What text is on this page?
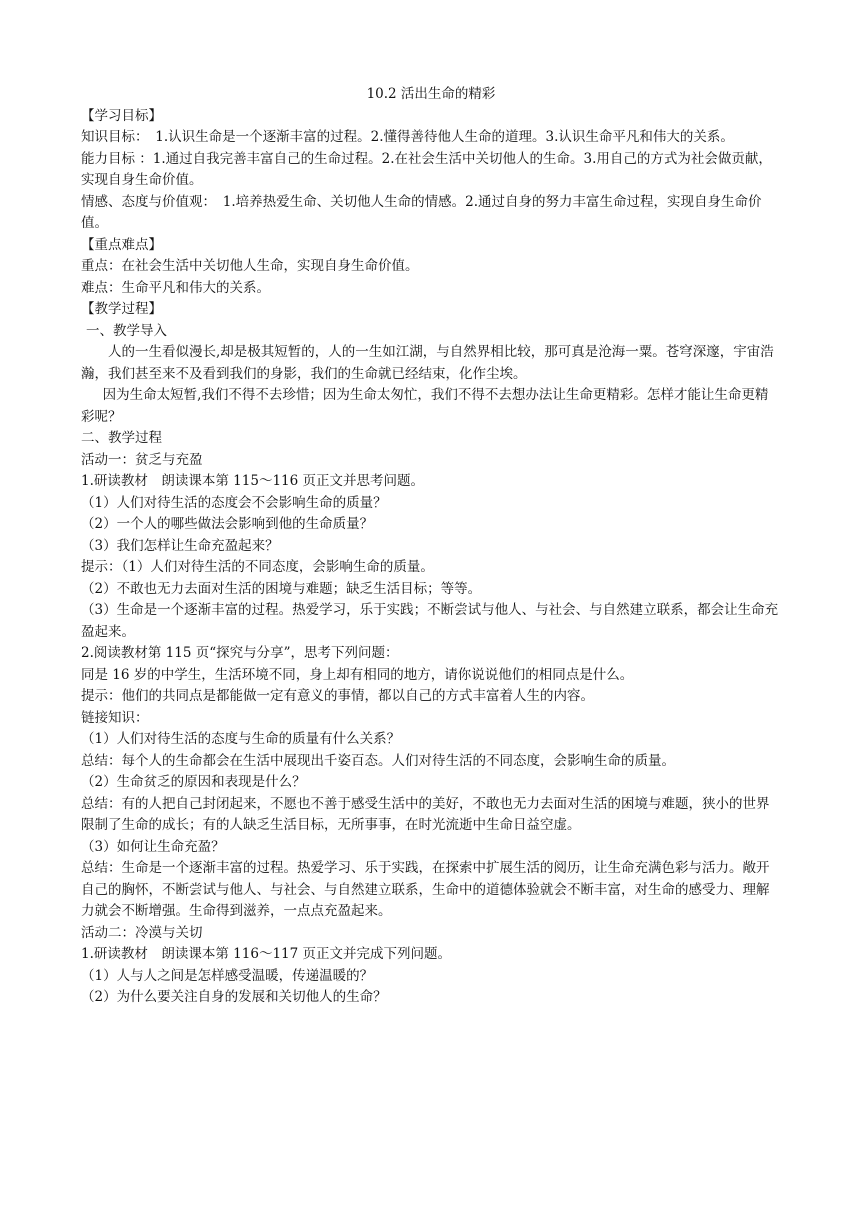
10.2 活出生命的精彩

【学习目标】

知识目标：　1.认识生命是一个逐渐丰富的过程。2.懂得善待他人生命的道理。3.认识生命平凡和伟大的关系。

能力目标 ：1.通过自我完善丰富自己的生命过程。2.在社会生活中关切他人的生命。3.用自己的方式为社会做贡献，实现自身生命价值。

情感、态度与价值观：　1.培养热爱生命、关切他人生命的情感。2.通过自身的努力丰富生命过程，实现自身生命价值。

【重点难点】

重点：在社会生活中关切他人生命，实现自身生命价值。

难点：生命平凡和伟大的关系。

【教学过程】

一、教学导入

人的一生看似漫长,却是极其短暂的，人的一生如江湖，与自然界相比较，那可真是沧海一粟。苍穹深邃，宇宙浩瀚，我们甚至来不及看到我们的身影，我们的生命就已经结束，化作尘埃。

因为生命太短暂,我们不得不去珍惜；因为生命太匆忙，我们不得不去想办法让生命更精彩。怎样才能让生命更精彩呢？

二、教学过程

活动一：贫乏与充盈

1.研读教材　朗读课本第 115～116 页正文并思考问题。

（1）人们对待生活的态度会不会影响生命的质量？

（2）一个人的哪些做法会影响到他的生命质量？

（3）我们怎样让生命充盈起来？

提示：（1）人们对待生活的不同态度，会影响生命的质量。

（2）不敢也无力去面对生活的困境与难题；缺乏生活目标；等等。

（3）生命是一个逐渐丰富的过程。热爱学习，乐于实践；不断尝试与他人、与社会、与自然建立联系，都会让生命充盈起来。

2.阅读教材第 115 页“探究与分享”，思考下列问题：

同是 16 岁的中学生，生活环境不同，身上却有相同的地方，请你说说他们的相同点是什么。

提示：他们的共同点是都能做一定有意义的事情，都以自己的方式丰富着人生的内容。

链接知识：

（1）人们对待生活的态度与生命的质量有什么关系？

总结：每个人的生命都会在生活中展现出千姿百态。人们对待生活的不同态度，会影响生命的质量。

（2）生命贫乏的原因和表现是什么？

总结：有的人把自己封闭起来，不愿也不善于感受生活中的美好，不敢也无力去面对生活的困境与难题，狭小的世界限制了生命的成长；有的人缺乏生活目标，无所事事，在时光流逝中生命日益空虚。

（3）如何让生命充盈？

总结：生命是一个逐渐丰富的过程。热爱学习、乐于实践，在探索中扩展生活的阅历，让生命充满色彩与活力。敞开自己的胸怀，不断尝试与他人、与社会、与自然建立联系，生命中的道德体验就会不断丰富，对生命的感受力、理解力就会不断增强。生命得到滋养，一点点充盈起来。

活动二：冷漠与关切

1.研读教材　朗读课本第 116～117 页正文并完成下列问题。

（1）人与人之间是怎样感受温暖，传递温暖的？

（2）为什么要关注自身的发展和关切他人的生命？
